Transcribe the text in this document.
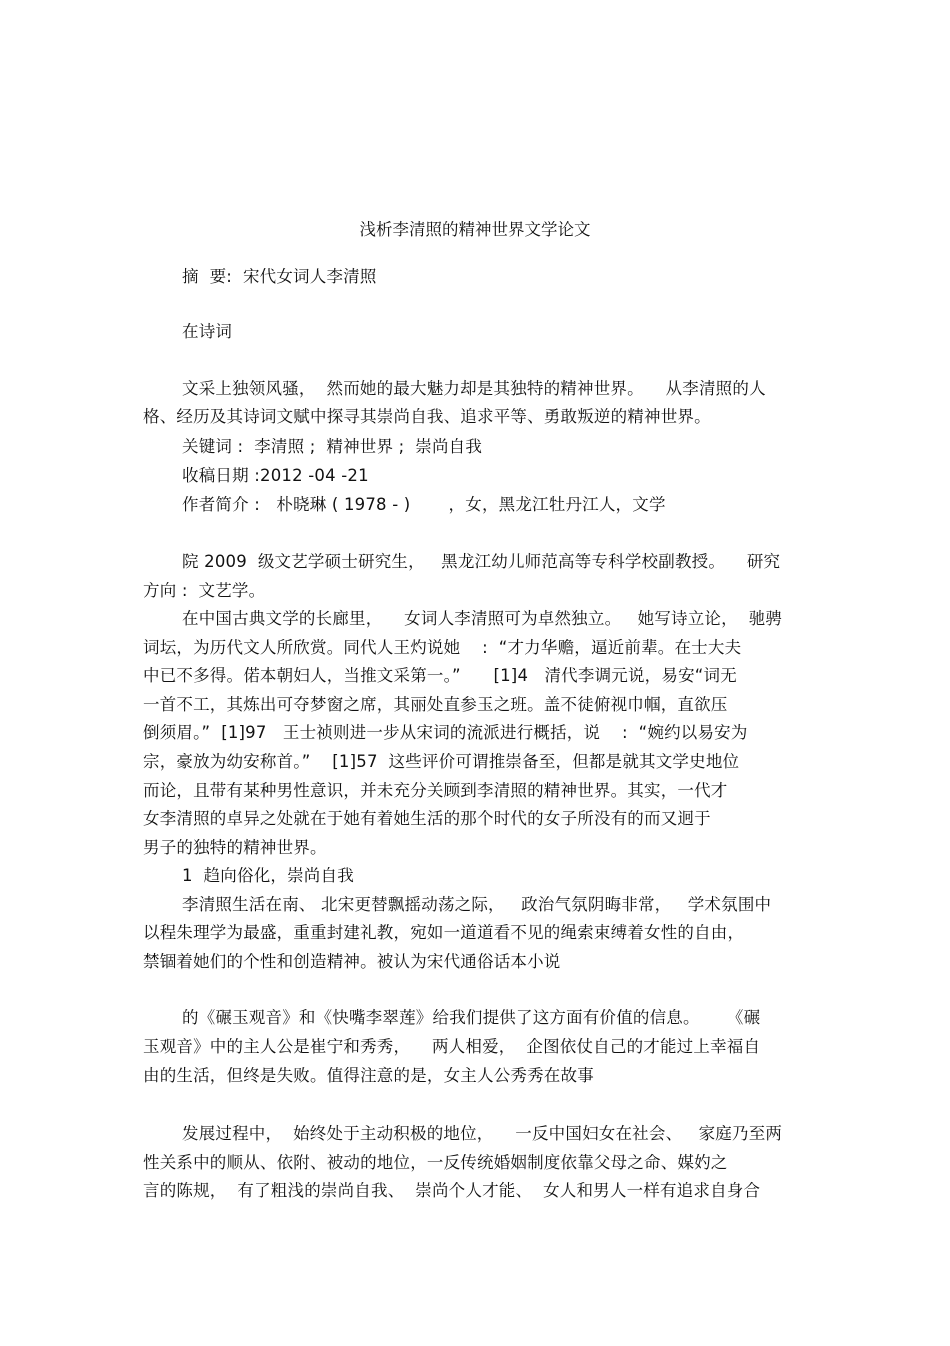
浅析李清照的精神世界文学论文
摘  要:  宋代女词人李清照
在诗词
文采上独领风骚，  然而她的最大魅力却是其独特的精神世界。    从李清照的人
格、经历及其诗词文赋中探寻其崇尚自我、追求平等、勇敢叛逆的精神世界。
关键词 :  李清照 ;  精神世界 ;  崇尚自我
收稿日期 :2012 -04 -21
作者简介 :   朴晓琳 ( 1978 - )       ，女，黑龙江牡丹江人，文学
院 2009  级文艺学硕士研究生，   黑龙江幼儿师范高等专科学校副教授。    研究
方向 :  文艺学。
在中国古典文学的长廊里，    女词人李清照可为卓然独立。   她写诗立论，  驰骋
词坛，为历代文人所欣赏。同代人王灼说她    :  “才力华赡，逼近前辈。在士大夫
中已不多得。偌本朝妇人，当推文采第一。”      [1]4   清代李调元说，易安“词无
一首不工，其炼出可夺梦窗之席，其丽处直参玉之班。盖不徒俯视巾帼，直欲压
倒须眉。”  [1]97   王士祯则进一步从宋词的流派进行概括，说    :  “婉约以易安为
宗，豪放为幼安称首。”    [1]57  这些评价可谓推崇备至，但都是就其文学史地位
而论，且带有某种男性意识，并未充分关顾到李清照的精神世界。其实，一代才
女李清照的卓异之处就在于她有着她生活的那个时代的女子所没有的而又迥于
男子的独特的精神世界。
1  趋向俗化，崇尚自我
李清照生活在南、 北宋更替飘摇动荡之际，   政治气氛阴晦非常，   学术氛围中
以程朱理学为最盛，重重封建礼教，宛如一道道看不见的绳索束缚着女性的自由，
禁锢着她们的个性和创造精神。被认为宋代通俗话本小说
的《碾玉观音》和《快嘴李翠莲》给我们提供了这方面有价值的信息。     《碾
玉观音》中的主人公是崔宁和秀秀，    两人相爱，  企图依仗自己的才能过上幸福自
由的生活，但终是失败。值得注意的是，女主人公秀秀在故事
发展过程中，  始终处于主动积极的地位，    一反中国妇女在社会、   家庭乃至两
性关系中的顺从、依附、被动的地位，一反传统婚姻制度依靠父母之命、媒妁之
言的陈规，  有了粗浅的崇尚自我、  崇尚个人才能、  女人和男人一样有追求自身合
